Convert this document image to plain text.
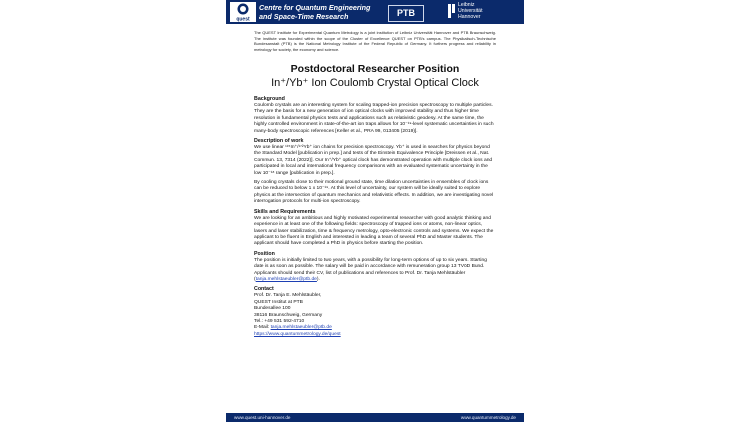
quest
Centre for Quantum Engineering
and Space-Time Research	PTB
Leibniz
Universität
Hannover
The QUEST Institute for Experimental Quantum Metrology is a joint institution of Leibniz Universität Hannover and PTB Braunschweig. The institute was founded within the scope of the Cluster of Excellence QUEST on PTB's campus. The Physikalisch-Technische Bundesanstalt (PTB) is the National Metrology Institute of the Federal Republic of Germany. It furthers progress and reliability in metrology for society, the economy and science.
Postdoctoral Researcher Position
In⁺/Yb⁺ Ion Coulomb Crystal Optical Clock
Background

Coulomb crystals are an interesting system for scaling trapped-ion precision spectroscopy to multiple particles. They are the basis for a new generation of ion optical clocks with improved stability and thus higher time resolution in fundamental physics tests and applications such as relativistic geodesy. At the same time, the highly controlled environment in state-of-the-art ion traps allows for 10⁻¹⁹-level systematic uncertainties in such many-body spectroscopic references [Keller et al., PRA 99, 013405 (2019)].

Description of work

We use linear ¹¹⁵In⁺/¹⁷²Yb⁺ ion chains for precision spectroscopy. Yb⁺ is used in searches for physics beyond the Standard Model [publication in prep.] and tests of the Einstein Equivalence Principle [Dreissen et al., Nat. Commun. 13, 7314 (2022)]. Our In⁺/Yb⁺ optical clock has demonstrated operation with multiple clock ions and participated in local and international frequency comparisons with an evaluated systematic uncertainty in the low 10⁻¹⁸ range [publication in prep.].

By cooling crystals close to their motional ground state, time dilation uncertainties in ensembles of clock ions can be reduced to below 1 x 10⁻¹⁹. At this level of uncertainty, our system will be ideally suited to explore physics at the intersection of quantum mechanics and relativistic effects. In addition, we are investigating novel interrogation protocols for multi-ion spectroscopy.

Skills and Requirements

We are looking for an ambitious and highly motivated experimental researcher with good analytic thinking and experience in at least one of the following fields: spectroscopy of trapped ions or atoms, non-linear optics, lasers and laser stabilization, time & frequency metrology, opto-electronic controls and systems. We expect the applicant to be fluent in English and interested in leading a team of several PhD and Master students. The applicant should have completed a PhD in physics before starting the position.

Position

The position is initially limited to two years, with a possibility for long-term options of up to six years. Starting date is as soon as possible. The salary will be paid in accordance with remuneration group 13 TVöD Bund. Applicants should send their CV, list of publications and references to Prof. Dr. Tanja Mehlstäubler (tanja.mehlstaeubler@ptb.de).

Contact

Prof. Dr. Tanja E. Mehlstäubler,

QUEST Institut at PTB

Bundesallee 100

38116 Braunschweig, Germany

Tel.: +49 531 592-4710

E-Mail: tanja.mehlstaeubler@ptb.de

https://www.quantummetrology.de/quest

www.quest.uni-hannover.de	www.quantummetrology.de
